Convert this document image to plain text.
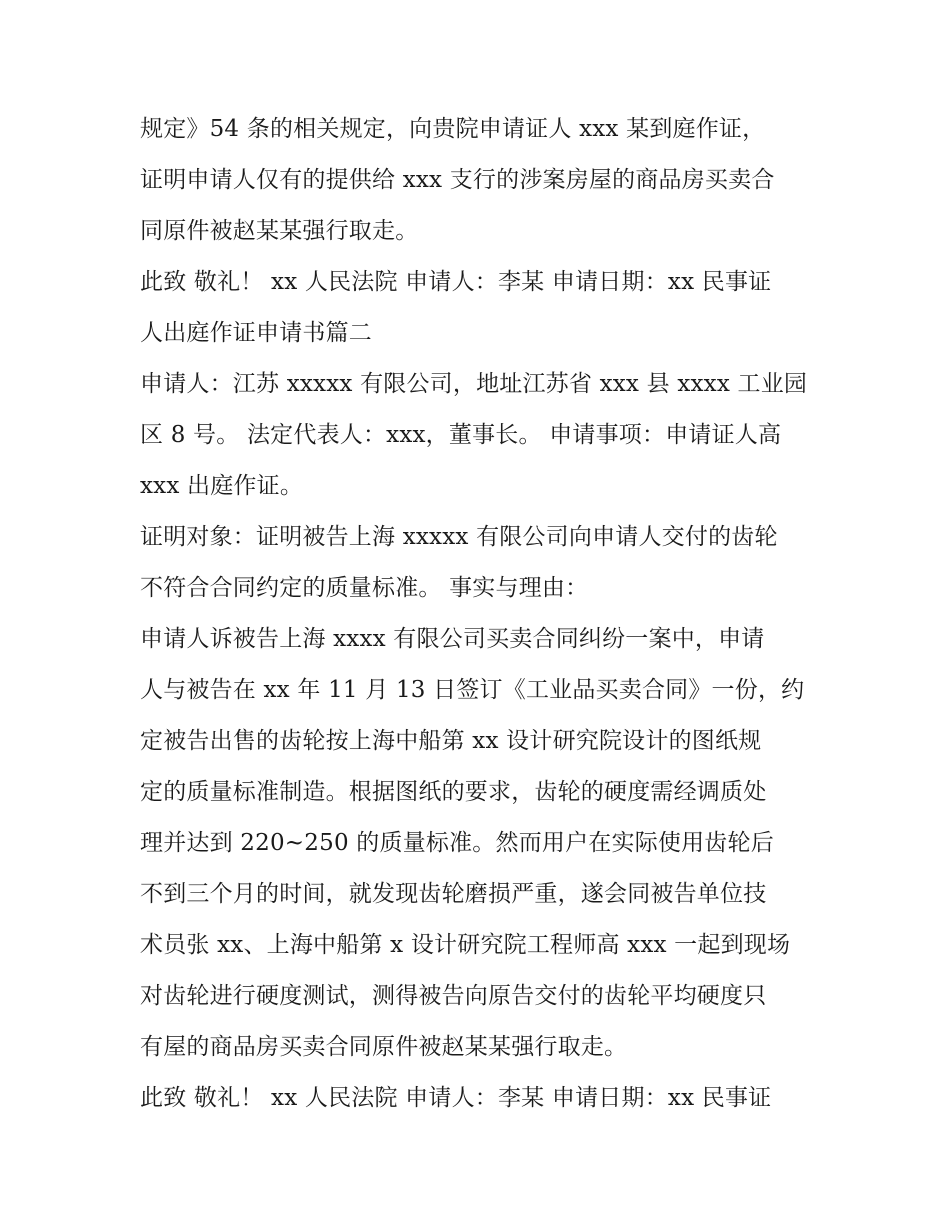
规定》54 条的相关规定，向贵院申请证人 xxx 某到庭作证，
证明申请人仅有的提供给 xxx 支行的涉案房屋的商品房买卖合
同原件被赵某某强行取走。
此致 敬礼！ xx 人民法院 申请人：李某 申请日期：xx 民事证
人出庭作证申请书篇二
申请人：江苏 xxxxx 有限公司，地址江苏省 xxx 县 xxxx 工业园
区 8 号。 法定代表人：xxx，董事长。 申请事项：申请证人高
xxx 出庭作证。
证明对象：证明被告上海 xxxxx 有限公司向申请人交付的齿轮
不符合合同约定的质量标准。 事实与理由：
申请人诉被告上海 xxxx 有限公司买卖合同纠纷一案中，申请
人与被告在 xx 年 11 月 13 日签订《工业品买卖合同》一份，约
定被告出售的齿轮按上海中船第 xx 设计研究院设计的图纸规
定的质量标准制造。根据图纸的要求，齿轮的硬度需经调质处
理并达到 220~250 的质量标准。然而用户在实际使用齿轮后
不到三个月的时间，就发现齿轮磨损严重，遂会同被告单位技
术员张 xx、上海中船第 x 设计研究院工程师高 xxx 一起到现场
对齿轮进行硬度测试，测得被告向原告交付的齿轮平均硬度只
有屋的商品房买卖合同原件被赵某某强行取走。
此致 敬礼！ xx 人民法院 申请人：李某 申请日期：xx 民事证
